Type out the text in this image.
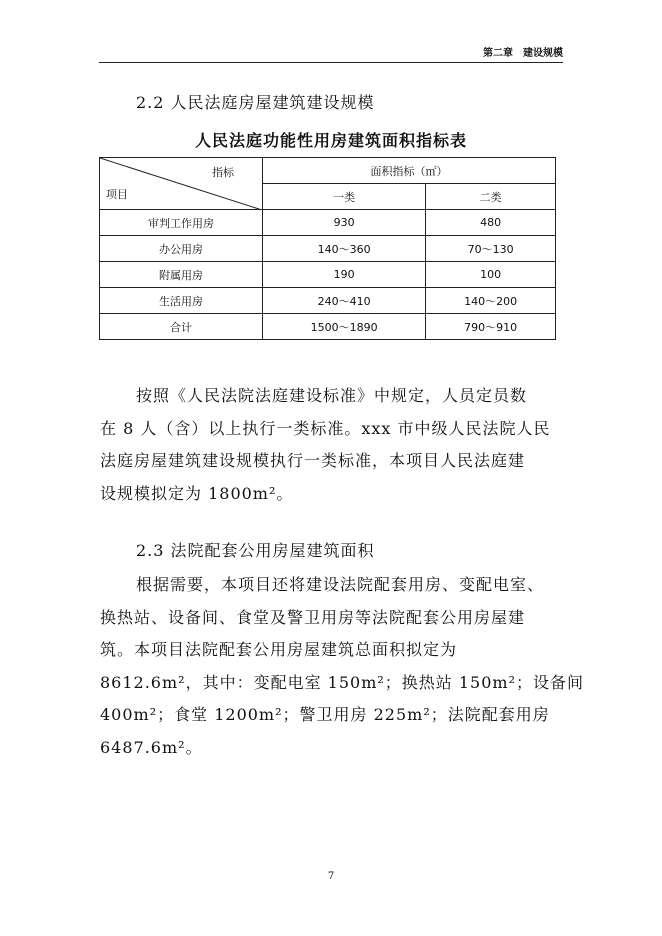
第二章 建设规模
2.2 人民法庭房屋建筑建设规模
人民法庭功能性用房建筑面积指标表
指标
项目	面积指标（㎡）	
	一类	二类
审判工作用房	930	480
办公用房	140～360	70～130
附属用房	190	100
生活用房	240～410	140～200
合计	1500～1890	790～910

按照《人民法院法庭建设标准》中规定，人员定员数

在 8 人（含）以上执行一类标准。xxx 市中级人民法院人民

法庭房屋建筑建设规模执行一类标准，本项目人民法庭建

设规模拟定为 1800m²。

2.3 法院配套公用房屋建筑面积

根据需要，本项目还将建设法院配套用房、变配电室、

换热站、设备间、食堂及警卫用房等法院配套公用房屋建

筑。本项目法院配套公用房屋建筑总面积拟定为

8612.6m²，其中：变配电室 150m²；换热站 150m²；设备间

400m²；食堂 1200m²；警卫用房 225m²；法院配套用房

6487.6m²。

7
